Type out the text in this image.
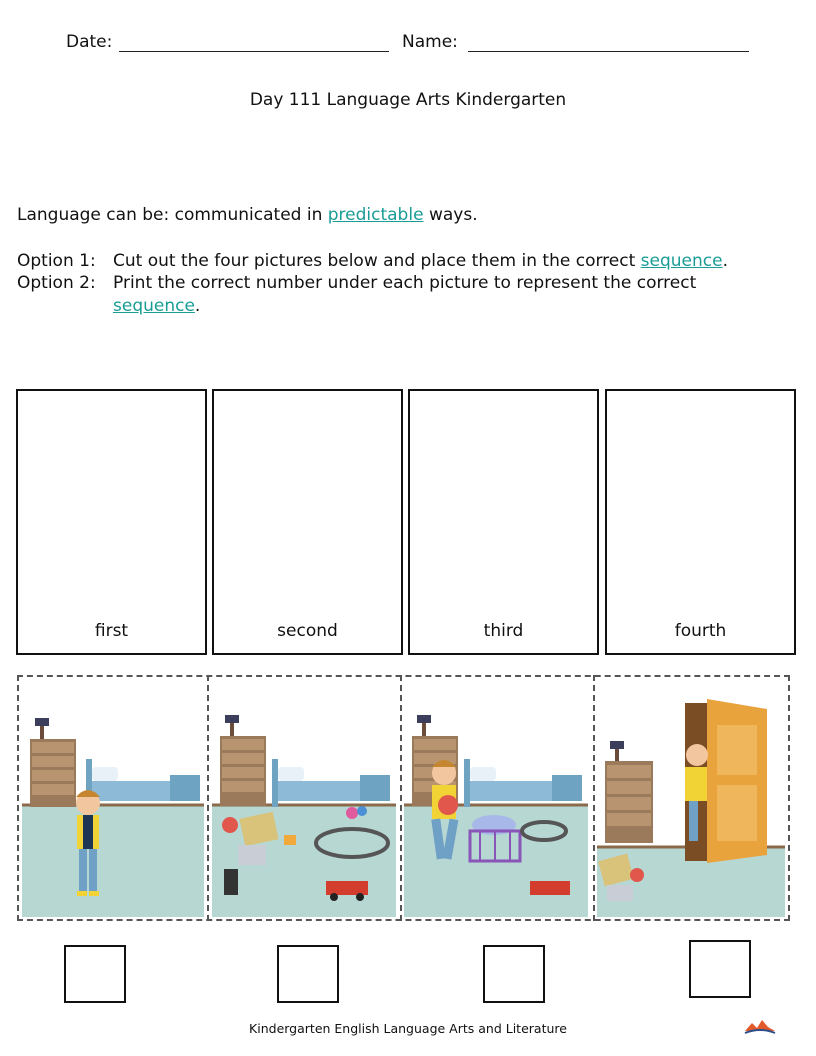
Date:	Name:
Day 111 Language Arts Kindergarten
Language can be: communicated in predictable ways.
Option 1: Cut out the four pictures below and place them in the correct sequence.
Option 2: Print the correct number under each picture to represent the correct
sequence.
first	second	third	fourth
Kindergarten English Language Arts and Literature
